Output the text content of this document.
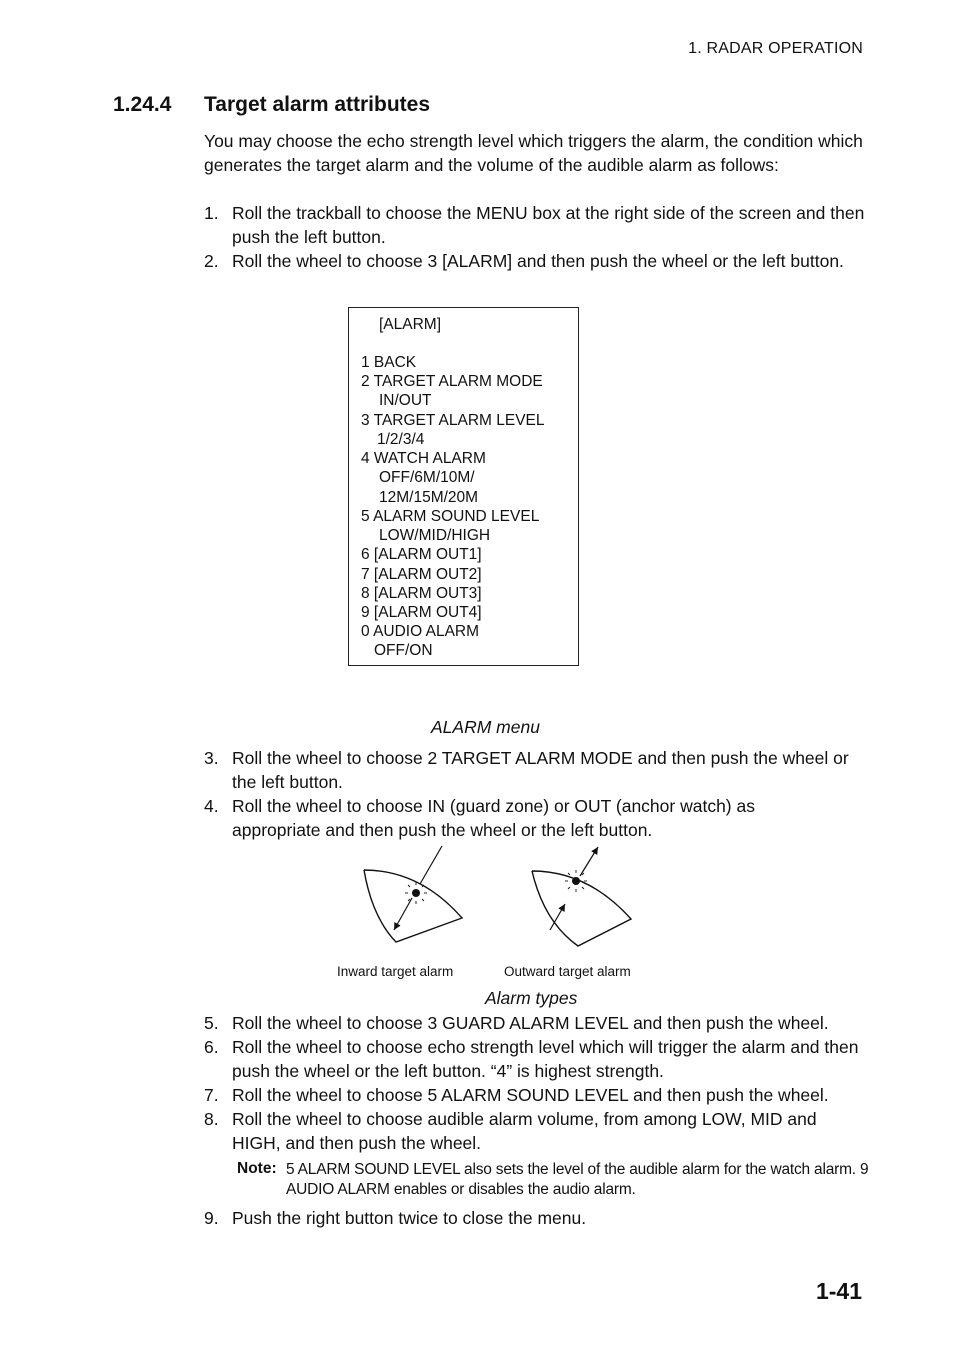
1. RADAR OPERATION
1.24.4 Target alarm attributes
You may choose the echo strength level which triggers the alarm, the condition which generates the target alarm and the volume of the audible alarm as follows:
1. Roll the trackball to choose the MENU box at the right side of the screen and then push the left button.
2. Roll the wheel to choose 3 [ALARM] and then push the wheel or the left button.
[ALARM]
1 BACK
2 TARGET ALARM MODE
IN/OUT
3 TARGET ALARM LEVEL
1/2/3/4
4 WATCH ALARM
OFF/6M/10M/
12M/15M/20M
5 ALARM SOUND LEVEL
LOW/MID/HIGH
6 [ALARM OUT1]
7 [ALARM OUT2]
8 [ALARM OUT3]
9 [ALARM OUT4]
0 AUDIO ALARM
OFF/ON
ALARM menu
3. Roll the wheel to choose 2 TARGET ALARM MODE and then push the wheel or the left button.
4. Roll the wheel to choose IN (guard zone) or OUT (anchor watch) as appropriate and then push the wheel or the left button.
Inward target alarm	Outward target alarm
Alarm types
5. Roll the wheel to choose 3 GUARD ALARM LEVEL and then push the wheel.
6. Roll the wheel to choose echo strength level which will trigger the alarm and then push the wheel or the left button. “4” is highest strength.
7. Roll the wheel to choose 5 ALARM SOUND LEVEL and then push the wheel.
8. Roll the wheel to choose audible alarm volume, from among LOW, MID and HIGH, and then push the wheel.
Note: 5 ALARM SOUND LEVEL also sets the level of the audible alarm for the watch alarm. 9 AUDIO ALARM enables or disables the audio alarm.
9. Push the right button twice to close the menu.
1-41
